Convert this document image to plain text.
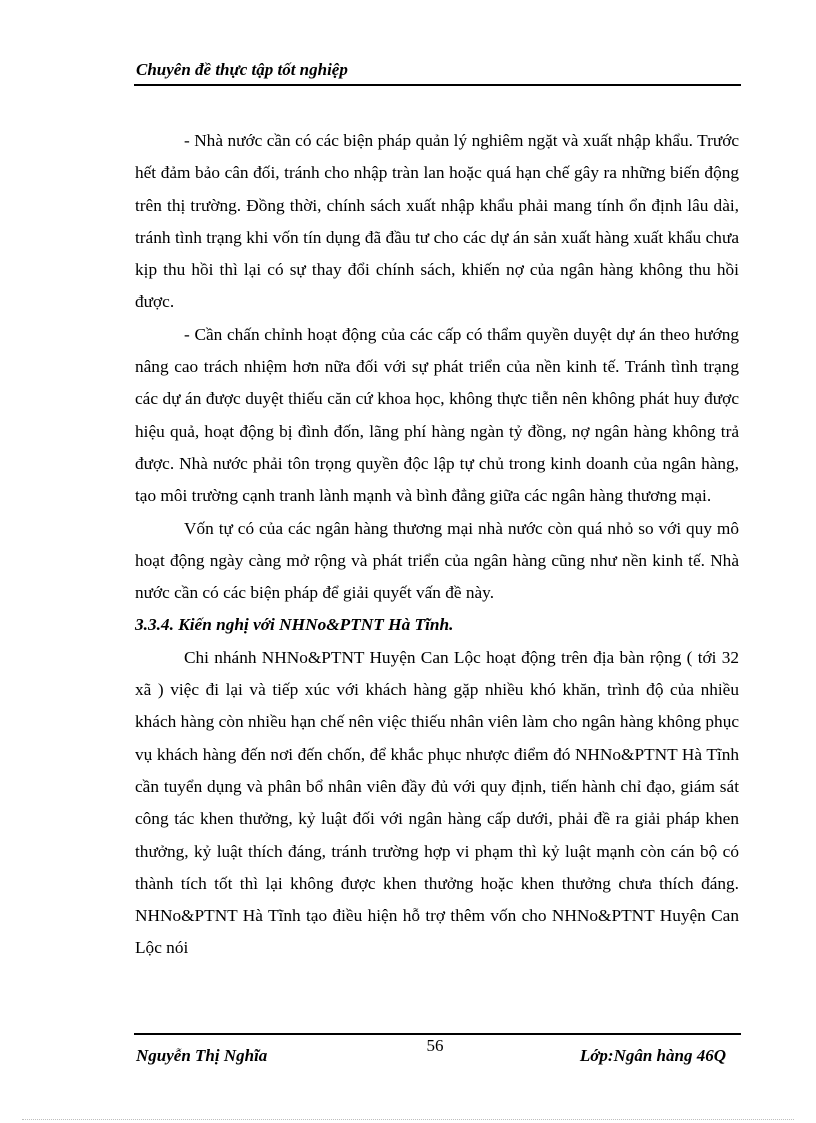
Chuyên đề thực tập tốt nghiệp

- Nhà nước cần có các biện pháp quản lý nghiêm ngặt và xuất nhập khẩu. Trước hết đảm bảo cân đối, tránh cho nhập tràn lan hoặc quá hạn chế gây ra những biến động trên thị trường. Đồng thời, chính sách xuất nhập khẩu phải mang tính ổn định lâu dài, tránh tình trạng khi vốn tín dụng đã đầu tư cho các dự án sản xuất hàng xuất khẩu chưa kịp thu hồi thì lại có sự thay đổi chính sách, khiến nợ của ngân hàng không thu hồi được.

- Cần chấn chỉnh hoạt động của các cấp có thẩm quyền duyệt dự án theo hướng nâng cao trách nhiệm hơn nữa đối với sự phát triển của nền kinh tế. Tránh tình trạng các dự án được duyệt thiếu căn cứ khoa học, không thực tiễn nên không phát huy được hiệu quả, hoạt động bị đình đốn, lãng phí hàng ngàn tỷ đồng, nợ ngân hàng không trả được. Nhà nước phải tôn trọng quyền độc lập tự chủ trong kinh doanh của ngân hàng, tạo môi trường cạnh tranh lành mạnh và bình đẳng giữa các ngân hàng thương mại.

Vốn tự có của các ngân hàng thương mại nhà nước còn quá nhỏ so với quy mô hoạt động ngày càng mở rộng và phát triển của ngân hàng cũng như nền kinh tế. Nhà nước cần có các biện pháp để giải quyết vấn đề này.

3.3.4. Kiến nghị với NHNo&PTNT Hà Tĩnh.

Chi nhánh NHNo&PTNT Huyện Can Lộc hoạt động trên địa bàn rộng ( tới 32 xã ) việc đi lại và tiếp xúc với khách hàng gặp nhiều khó khăn, trình độ của nhiều khách hàng còn nhiều hạn chế nên việc thiếu nhân viên làm cho ngân hàng không phục vụ khách hàng đến nơi đến chốn, để khắc phục nhược điểm đó NHNo&PTNT Hà Tĩnh cần tuyển dụng và phân bổ nhân viên đầy đủ với quy định, tiến hành chỉ đạo, giám sát công tác khen thưởng, kỷ luật đối với ngân hàng cấp dưới, phải đề ra giải pháp khen thưởng, kỷ luật thích đáng, tránh trường hợp vi phạm thì kỷ luật mạnh còn cán bộ có thành tích tốt thì lại không được khen thưởng hoặc khen thưởng chưa thích đáng. NHNo&PTNT Hà Tĩnh tạo điều hiện hỗ trợ thêm vốn cho NHNo&PTNT Huyện Can Lộc nói

56
Nguyễn Thị Nghĩa	Lớp:Ngân hàng 46Q
